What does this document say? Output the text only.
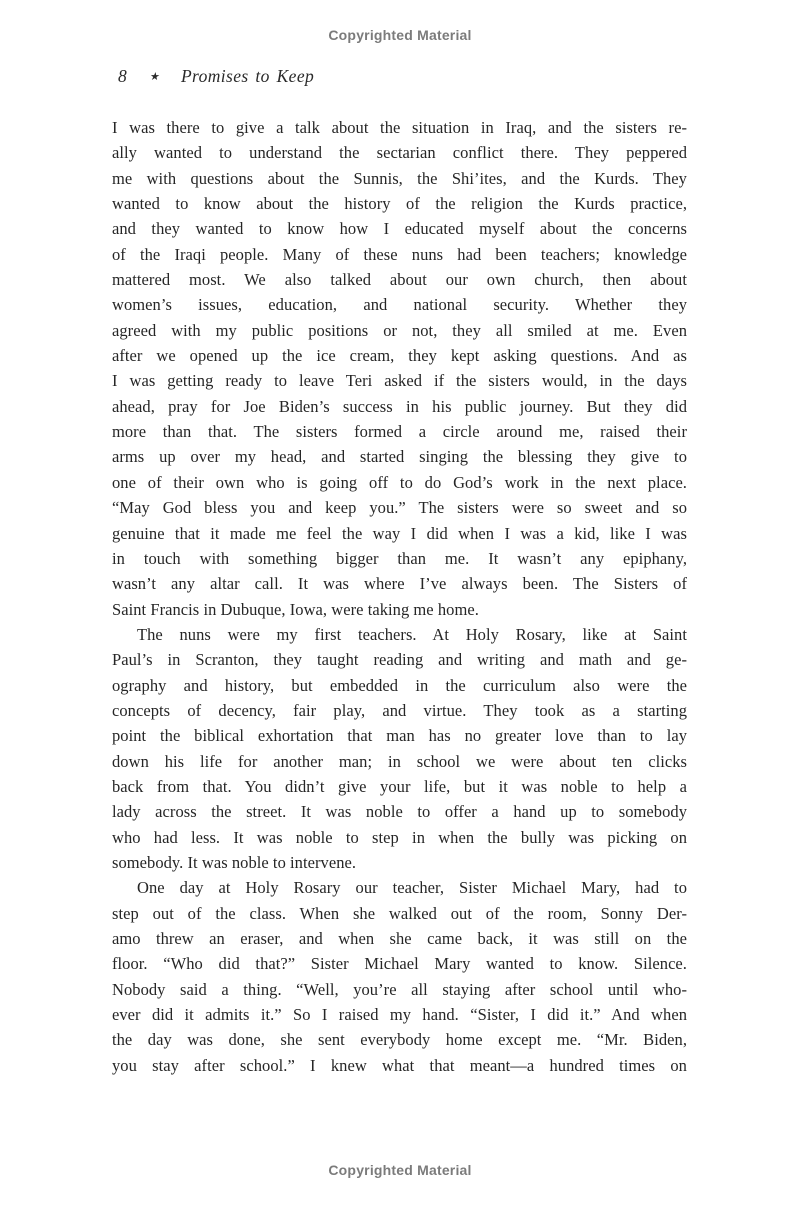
Copyrighted Material
8 ★ Promises to Keep
I was there to give a talk about the situation in Iraq, and the sisters re-
ally wanted to understand the sectarian conflict there. They peppered
me with questions about the Sunnis, the Shi’ites, and the Kurds. They
wanted to know about the history of the religion the Kurds practice,
and they wanted to know how I educated myself about the concerns
of the Iraqi people. Many of these nuns had been teachers; knowledge
mattered most. We also talked about our own church, then about
women’s issues, education, and national security. Whether they
agreed with my public positions or not, they all smiled at me. Even
after we opened up the ice cream, they kept asking questions. And as
I was getting ready to leave Teri asked if the sisters would, in the days
ahead, pray for Joe Biden’s success in his public journey. But they did
more than that. The sisters formed a circle around me, raised their
arms up over my head, and started singing the blessing they give to
one of their own who is going off to do God’s work in the next place.
“May God bless you and keep you.” The sisters were so sweet and so
genuine that it made me feel the way I did when I was a kid, like I was
in touch with something bigger than me. It wasn’t any epiphany,
wasn’t any altar call. It was where I’ve always been. The Sisters of
Saint Francis in Dubuque, Iowa, were taking me home.
The nuns were my first teachers. At Holy Rosary, like at Saint
Paul’s in Scranton, they taught reading and writing and math and ge-
ography and history, but embedded in the curriculum also were the
concepts of decency, fair play, and virtue. They took as a starting
point the biblical exhortation that man has no greater love than to lay
down his life for another man; in school we were about ten clicks
back from that. You didn’t give your life, but it was noble to help a
lady across the street. It was noble to offer a hand up to somebody
who had less. It was noble to step in when the bully was picking on
somebody. It was noble to intervene.
One day at Holy Rosary our teacher, Sister Michael Mary, had to
step out of the class. When she walked out of the room, Sonny Der-
amo threw an eraser, and when she came back, it was still on the
floor. “Who did that?” Sister Michael Mary wanted to know. Silence.
Nobody said a thing. “Well, you’re all staying after school until who-
ever did it admits it.” So I raised my hand. “Sister, I did it.” And when
the day was done, she sent everybody home except me. “Mr. Biden,
you stay after school.” I knew what that meant—a hundred times on
Copyrighted Material
